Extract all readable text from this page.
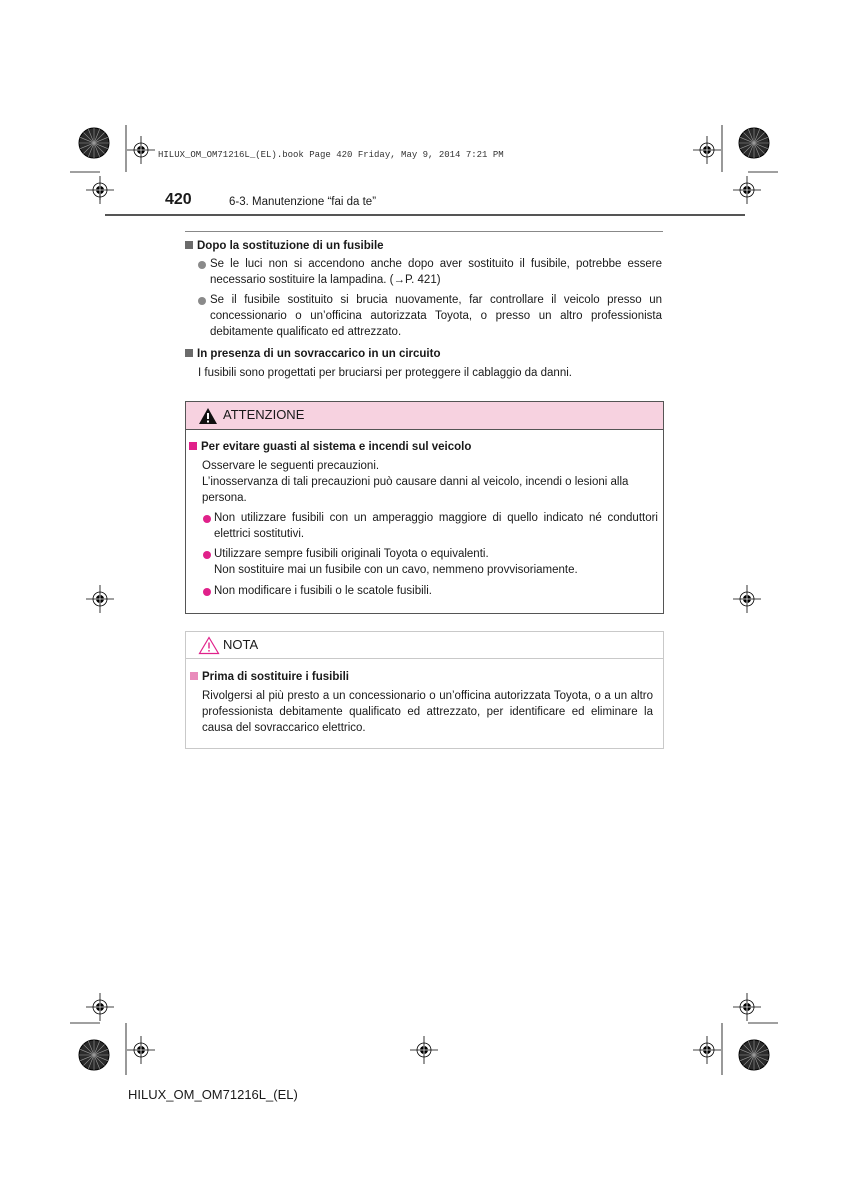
HILUX_OM_OM71216L_(EL).book Page 420 Friday, May 9, 2014 7:21 PM
420	6-3. Manutenzione “fai da te”
Dopo la sostituzione di un fusibile
Se le luci non si accendono anche dopo aver sostituito il fusibile, potrebbe essere necessario sostituire la lampadina. (→P. 421)
Se il fusibile sostituito si brucia nuovamente, far controllare il veicolo presso un concessionario o un’officina autorizzata Toyota, o presso un altro professionista debitamente qualificato ed attrezzato.
In presenza di un sovraccarico in un circuito
I fusibili sono progettati per bruciarsi per proteggere il cablaggio da danni.
ATTENZIONE
Per evitare guasti al sistema e incendi sul veicolo
Osservare le seguenti precauzioni.
L’inosservanza di tali precauzioni può causare danni al veicolo, incendi o lesioni alla persona.
Non utilizzare fusibili con un amperaggio maggiore di quello indicato né conduttori elettrici sostitutivi.
Utilizzare sempre fusibili originali Toyota o equivalenti.
Non sostituire mai un fusibile con un cavo, nemmeno provvisoriamente.
Non modificare i fusibili o le scatole fusibili.
NOTA
Prima di sostituire i fusibili
Rivolgersi al più presto a un concessionario o un’officina autorizzata Toyota, o a un altro professionista debitamente qualificato ed attrezzato, per identificare ed eliminare la causa del sovraccarico elettrico.
HILUX_OM_OM71216L_(EL)
